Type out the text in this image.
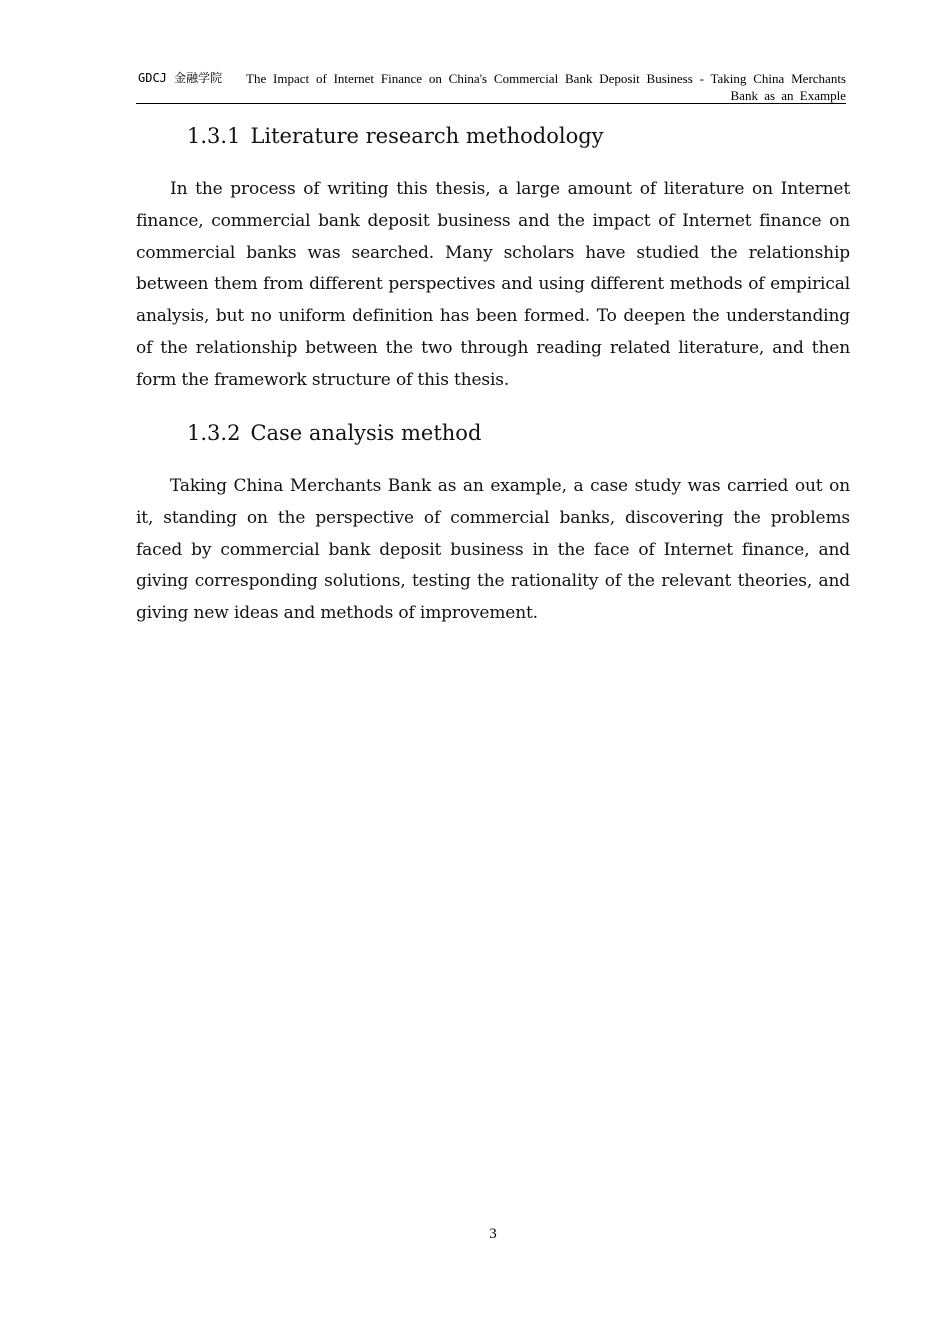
GDCJ 金融学院 The Impact of Internet Finance on China's Commercial Bank Deposit Business - Taking China Merchants Bank as an Example
1.3.1 Literature research methodology

In the process of writing this thesis, a large amount of literature on Internet finance, commercial bank deposit business and the impact of Internet finance on commercial banks was searched. Many scholars have studied the relationship between them from different perspectives and using different methods of empirical analysis, but no uniform definition has been formed. To deepen the understanding of the relationship between the two through reading related literature, and then form the framework structure of this thesis.

1.3.2 Case analysis method

Taking China Merchants Bank as an example, a case study was carried out on it, standing on the perspective of commercial banks, discovering the problems faced by commercial bank deposit business in the face of Internet finance, and giving corresponding solutions, testing the rationality of the relevant theories, and giving new ideas and methods of improvement.

3
